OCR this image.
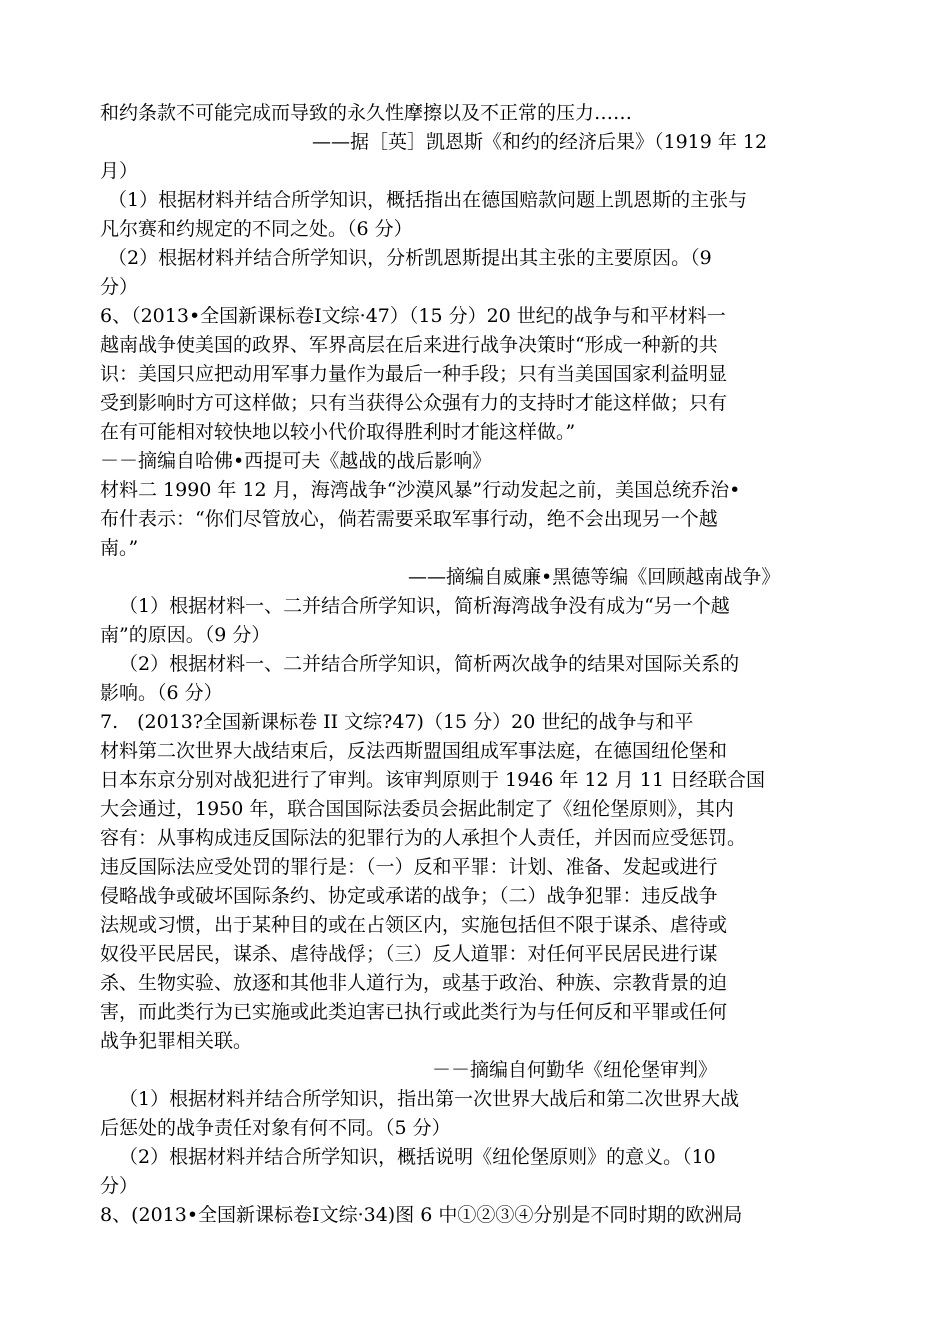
和约条款不可能完成而导致的永久性摩擦以及不正常的压力……
——据［英］凯恩斯《和约的经济后果》（1919 年 12
月）
（1）根据材料并结合所学知识，概括指出在德国赔款问题上凯恩斯的主张与
凡尔赛和约规定的不同之处。（6 分）
（2）根据材料并结合所学知识，分析凯恩斯提出其主张的主要原因。（9
分）
6、（2013•全国新课标卷Ⅰ文综·47）（15 分）20 世纪的战争与和平材料一
越南战争使美国的政界、军界高层在后来进行战争决策时“形成一种新的共
识：美国只应把动用军事力量作为最后一种手段；只有当美国国家利益明显
受到影响时方可这样做；只有当获得公众强有力的支持时才能这样做；只有
在有可能相对较快地以较小代价取得胜利时才能这样做。”
－－摘编自哈佛•西提可夫《越战的战后影响》
材料二 1990 年 12 月，海湾战争“沙漠风暴”行动发起之前，美国总统乔治•
布什表示：“你们尽管放心，倘若需要采取军事行动，绝不会出现另一个越
南。”
——摘编自威廉•黑德等编《回顾越南战争》
（1）根据材料一、二并结合所学知识，简析海湾战争没有成为“另一个越
南”的原因。（9 分）
（2）根据材料一、二并结合所学知识，简析两次战争的结果对国际关系的
影响。（6 分）
7.　(2013?全国新课标卷 II 文综?47)（15 分）20 世纪的战争与和平
材料第二次世界大战结束后，反法西斯盟国组成军事法庭，在德国纽伦堡和
日本东京分别对战犯进行了审判。该审判原则于 1946 年 12 月 11 日经联合国
大会通过，1950 年，联合国国际法委员会据此制定了《纽伦堡原则》，其内
容有：从事构成违反国际法的犯罪行为的人承担个人责任，并因而应受惩罚。
违反国际法应受处罚的罪行是：（一）反和平罪：计划、准备、发起或进行
侵略战争或破坏国际条约、协定或承诺的战争；（二）战争犯罪：违反战争
法规或习惯，出于某种目的或在占领区内，实施包括但不限于谋杀、虐待或
奴役平民居民，谋杀、虐待战俘；（三）反人道罪：对任何平民居民进行谋
杀、生物实验、放逐和其他非人道行为，或基于政治、种族、宗教背景的迫
害，而此类行为已实施或此类迫害已执行或此类行为与任何反和平罪或任何
战争犯罪相关联。
－－摘编自何勤华《纽伦堡审判》
（1）根据材料并结合所学知识，指出第一次世界大战后和第二次世界大战
后惩处的战争责任对象有何不同。（5 分）
（2）根据材料并结合所学知识，概括说明《纽伦堡原则》的意义。（10
分）
8、(2013•全国新课标卷Ⅰ文综·34)图 6 中①②③④分别是不同时期的欧洲局
